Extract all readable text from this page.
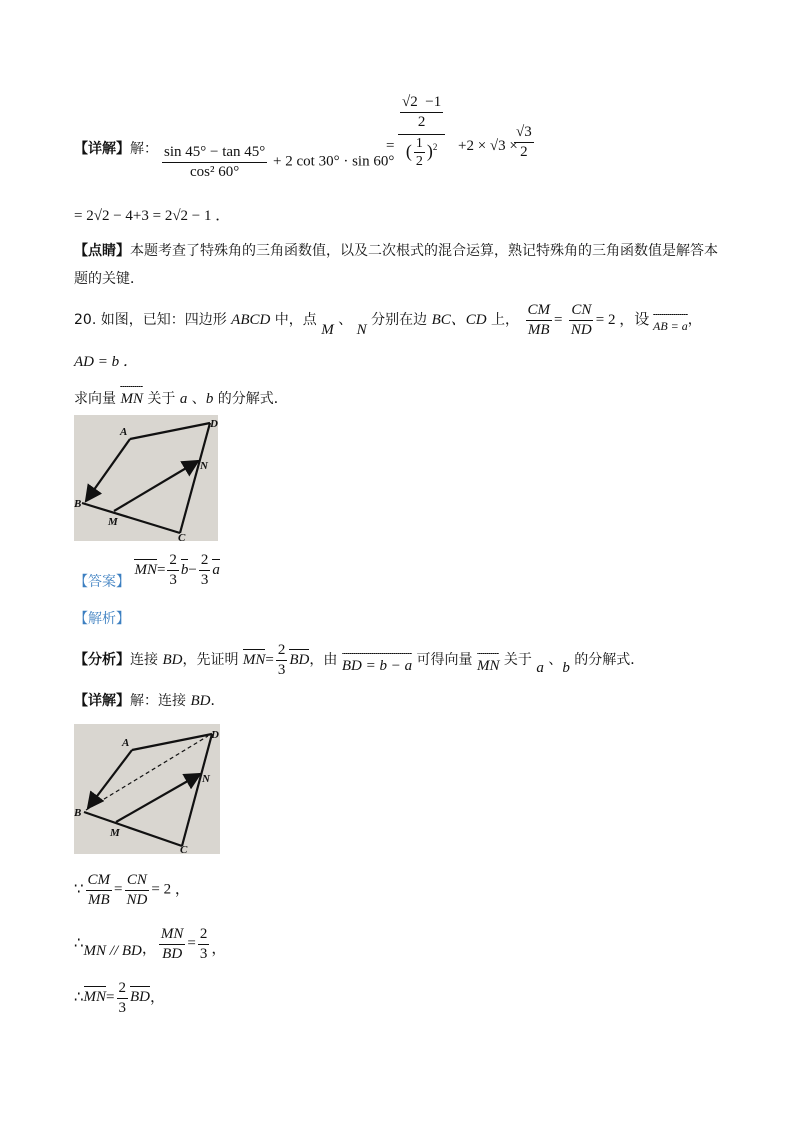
【详解】 解： $\frac{\sin 45^\circ - \tan 45^\circ}{\text{cos² 60°}} + 2$ cot 30° · sin 60°
=
$\frac{√2 -1}{2}$
( $\frac{1}{2} )^2 +2 \times √3$ ×
$\frac{√3}{2}$
= 2√2 − 4+3 = 2√2 − 1 ．
【点睛】本题考查了特殊角的三角函数值，以及二次根式的混合运算，熟记特殊角的三角函数值是解答本
题的关键．
20. 如图，已知：四边形 ABCD 中，点 M 、 N 分别在边 BC、CD 上， $\frac{CM}{MB} = \frac{CN}{ND} = 2$ ，设 AB = a，
AD = b ．
求向量 MN 关于 a 、b 的分解式．
A
B
C
D
M
N
【答案】 $MN= \frac{2}{3} b- \frac{2}{3}$ a
【解析】
【分析】连接 BD，先证明 $MN= \frac{2}{3}$ BD，由 BD = b − a 可得向量 MN 关于 a 、b 的分解式．
【详解】解：连接 BD．
A
B
C
D
M
N
∵ $\frac{CM}{MB} = \frac{CN}{ND} = 2$ ，
∴MN // BD， $\frac{MN}{BD} = \frac{2}{3}$ ，
∴MN= $\frac{2}{3}$ BD，
